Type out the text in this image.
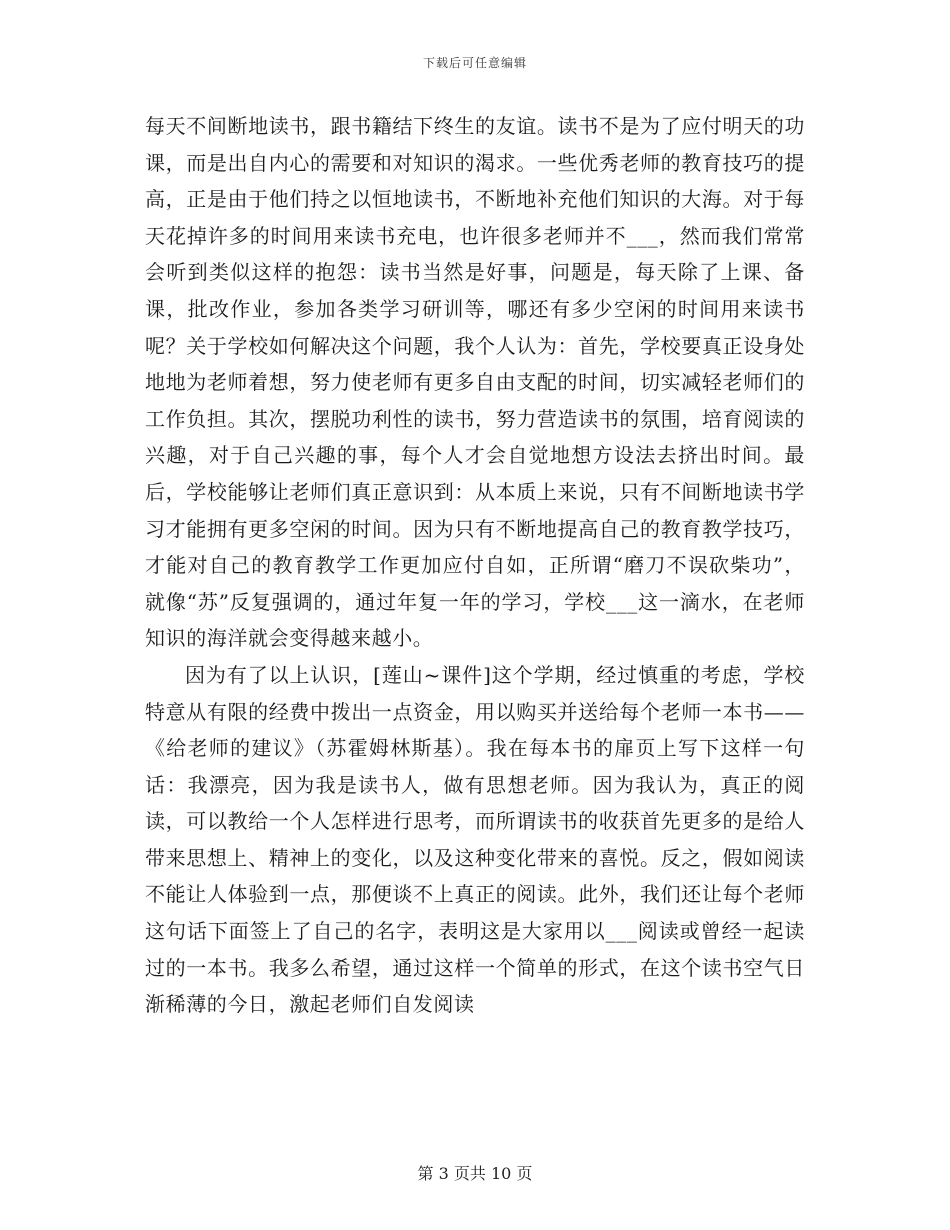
下载后可任意编辑

每天不间断地读书，跟书籍结下终生的友谊。读书不是为了应付明天的功课，而是出自内心的需要和对知识的渴求。一些优秀老师的教育技巧的提高，正是由于他们持之以恒地读书，不断地补充他们知识的大海。对于每天花掉许多的时间用来读书充电，也许很多老师并不___，然而我们常常会听到类似这样的抱怨：读书当然是好事，问题是，每天除了上课、备课，批改作业，参加各类学习研训等，哪还有多少空闲的时间用来读书呢？关于学校如何解决这个问题，我个人认为：首先，学校要真正设身处地地为老师着想，努力使老师有更多自由支配的时间，切实减轻老师们的工作负担。其次，摆脱功利性的读书，努力营造读书的氛围，培育阅读的兴趣，对于自己兴趣的事，每个人才会自觉地想方设法去挤出时间。最后，学校能够让老师们真正意识到：从本质上来说，只有不间断地读书学习才能拥有更多空闲的时间。因为只有不断地提高自己的教育教学技巧，才能对自己的教育教学工作更加应付自如，正所谓“磨刀不误砍柴功”，就像“苏”反复强调的，通过年复一年的学习，学校___这一滴水，在老师知识的海洋就会变得越来越小。

因为有了以上认识，[莲山~课件]这个学期，经过慎重的考虑，学校特意从有限的经费中拨出一点资金，用以购买并送给每个老师一本书——《给老师的建议》（苏霍姆林斯基）。我在每本书的扉页上写下这样一句话：我漂亮，因为我是读书人，做有思想老师。因为我认为，真正的阅读，可以教给一个人怎样进行思考，而所谓读书的收获首先更多的是给人带来思想上、精神上的变化，以及这种变化带来的喜悦。反之，假如阅读不能让人体验到一点，那便谈不上真正的阅读。此外，我们还让每个老师这句话下面签上了自己的名字，表明这是大家用以___阅读或曾经一起读过的一本书。我多么希望，通过这样一个简单的形式，在这个读书空气日渐稀薄的今日，激起老师们自发阅读

第 3 页共 10 页
